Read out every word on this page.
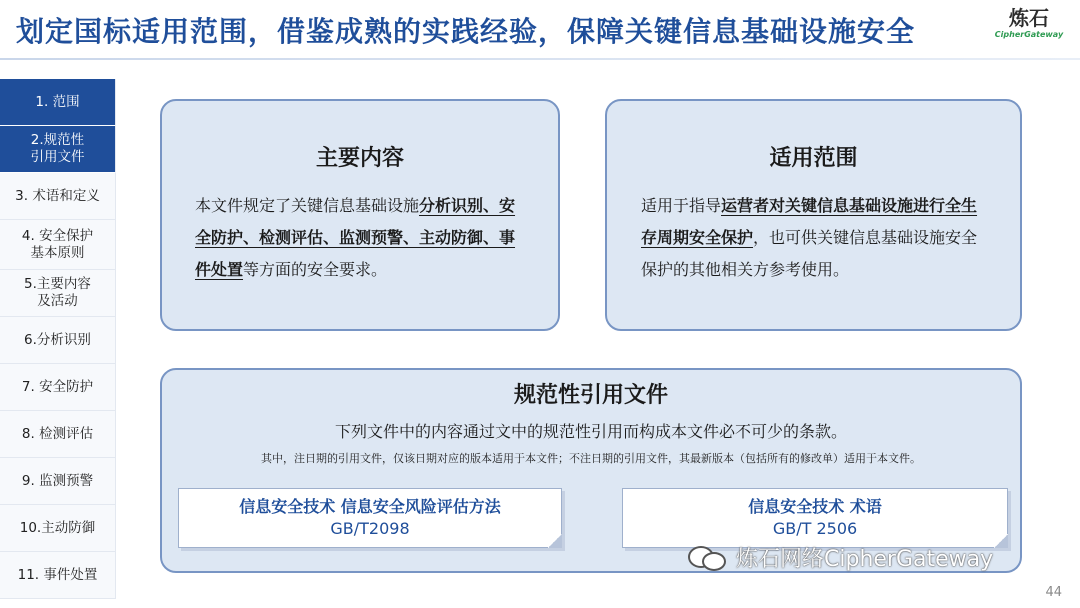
划定国标适用范围，借鉴成熟的实践经验，保障关键信息基础设施安全	炼石
CipherGateway
1. 范围
2.规范性
引用文件
3. 术语和定义
4. 安全保护
基本原则
5.主要内容
及活动
6.分析识别
7. 安全防护
8. 检测评估
9. 监测预警
10.主动防御
11. 事件处置
主要内容
本文件规定了关键信息基础设施分析识别、安全防护、检测评估、监测预警、主动防御、事件处置等方面的安全要求。
适用范围
适用于指导运营者对关键信息基础设施进行全生存周期安全保护，也可供关键信息基础设施安全保护的其他相关方参考使用。
规范性引用文件
下列文件中的内容通过文中的规范性引用而构成本文件必不可少的条款。
其中，注日期的引用文件，仅该日期对应的版本适用于本文件；不注日期的引用文件，其最新版本（包括所有的修改单）适用于本文件。
信息安全技术 信息安全风险评估方法
GB/T2098
信息安全技术 术语
GB/T 2506
炼石网络CipherGateway
44
